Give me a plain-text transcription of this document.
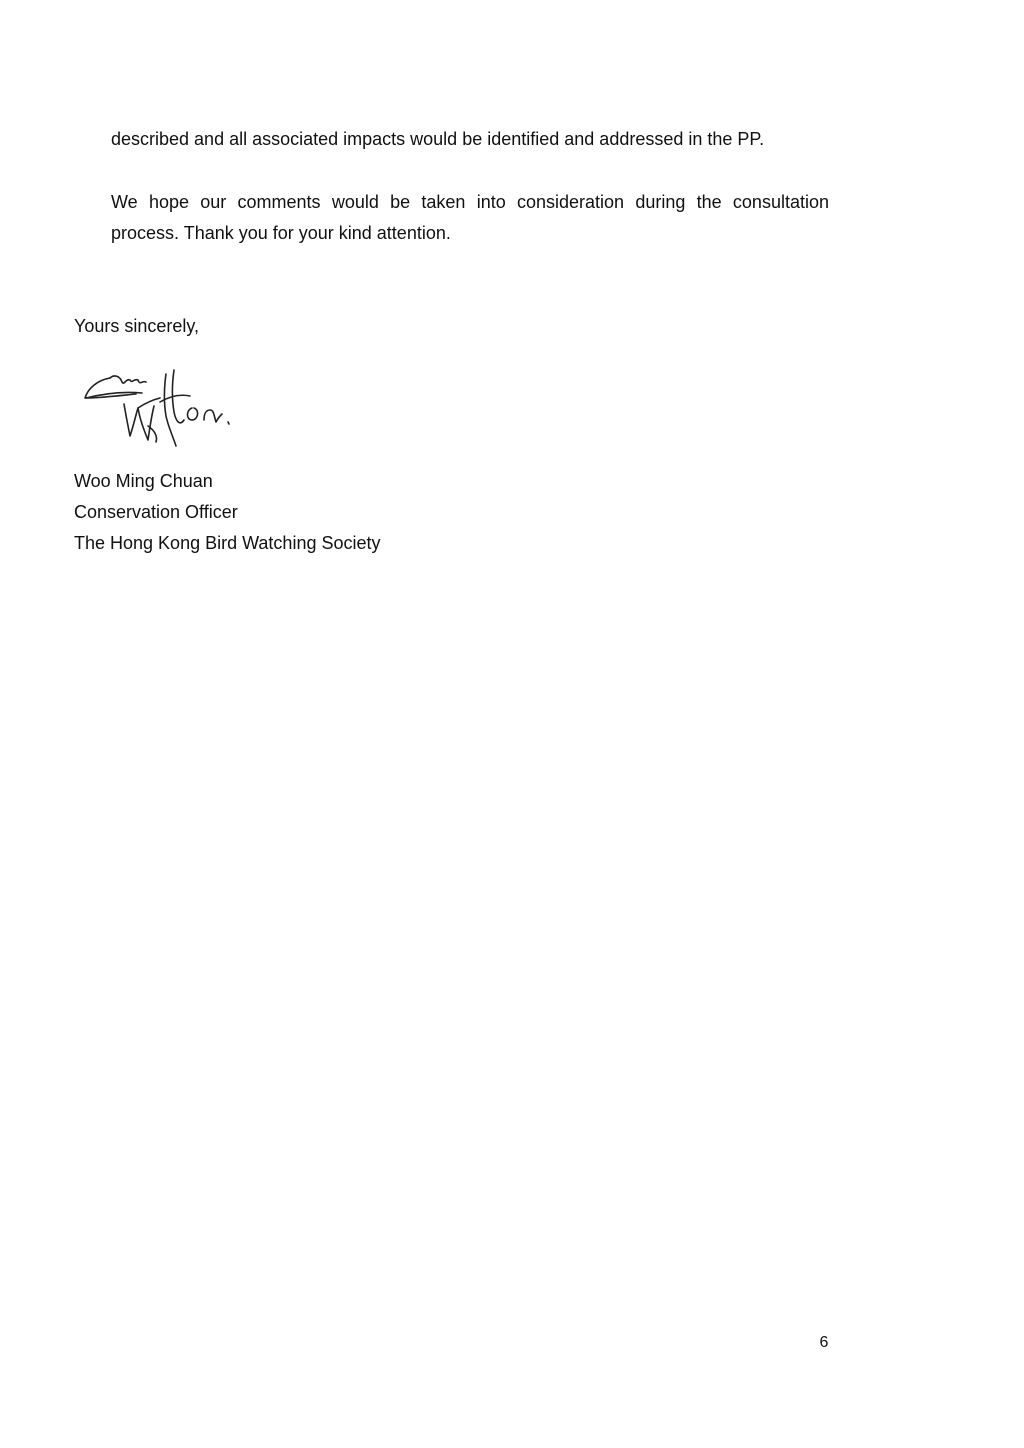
described and all associated impacts would be identified and addressed in the PP.

We hope our comments would be taken into consideration during the consultation process. Thank you for your kind attention.

Yours sincerely,

Woo Ming Chuan
Conservation Officer
The Hong Kong Bird Watching Society
6
